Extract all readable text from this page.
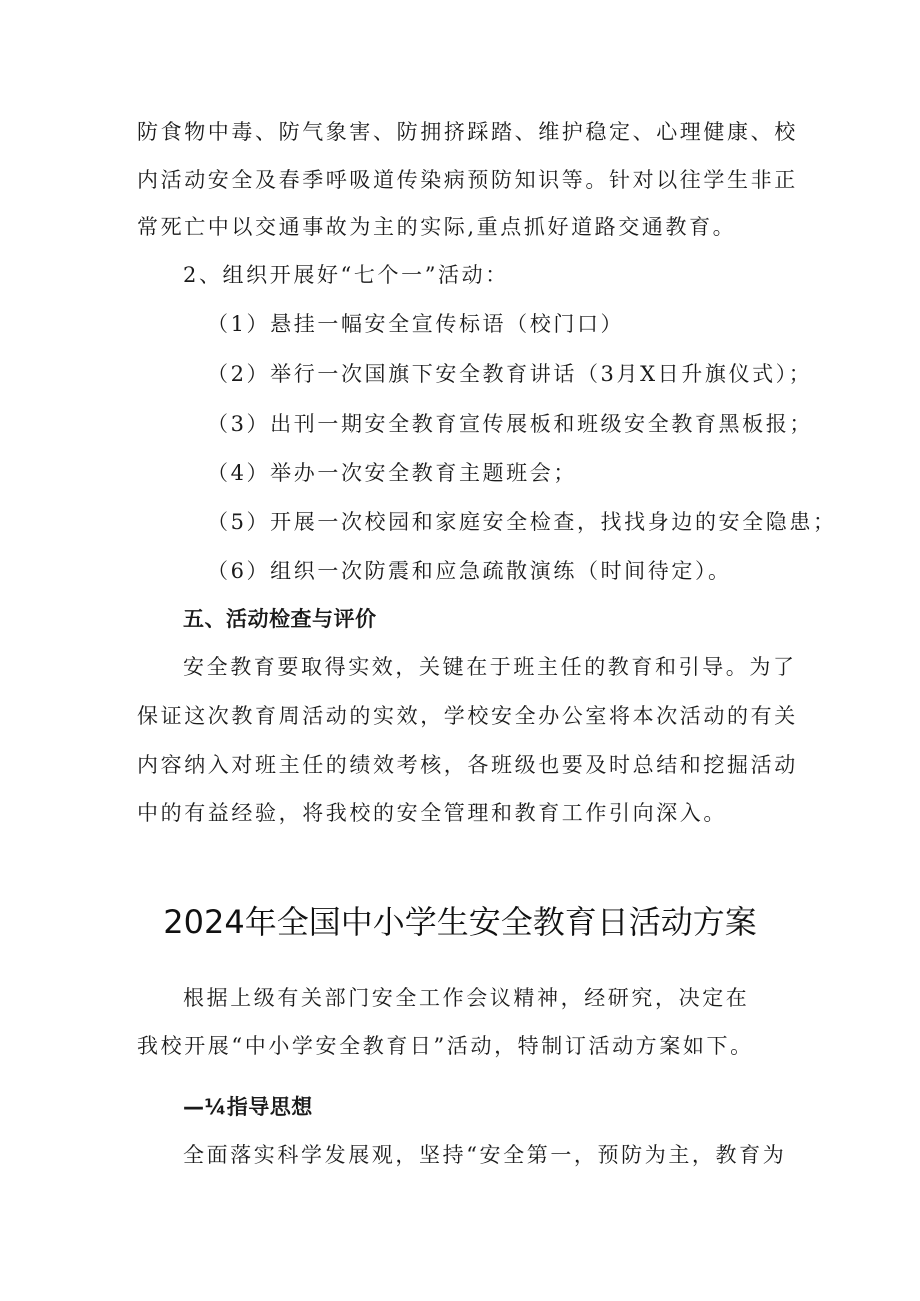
防食物中毒、防气象害、防拥挤踩踏、维护稳定、心理健康、校
内活动安全及春季呼吸道传染病预防知识等。针对以往学生非正
常死亡中以交通事故为主的实际,重点抓好道路交通教育。
2、组织开展好“七个一”活动：
（1）悬挂一幅安全宣传标语（校门口）
（2）举行一次国旗下安全教育讲话（3月X日升旗仪式）；
（3）出刊一期安全教育宣传展板和班级安全教育黑板报；
（4）举办一次安全教育主题班会；
（5）开展一次校园和家庭安全检查，找找身边的安全隐患；
（6）组织一次防震和应急疏散演练（时间待定）。
五、活动检查与评价
安全教育要取得实效，关键在于班主任的教育和引导。为了
保证这次教育周活动的实效，学校安全办公室将本次活动的有关
内容纳入对班主任的绩效考核，各班级也要及时总结和挖掘活动
中的有益经验，将我校的安全管理和教育工作引向深入。
2024年全国中小学生安全教育日活动方案
根据上级有关部门安全工作会议精神，经研究，决定在
我校开展“中小学安全教育日”活动，特制订活动方案如下。
—¼指导思想
全面落实科学发展观，坚持“安全第一，预防为主，教育为
